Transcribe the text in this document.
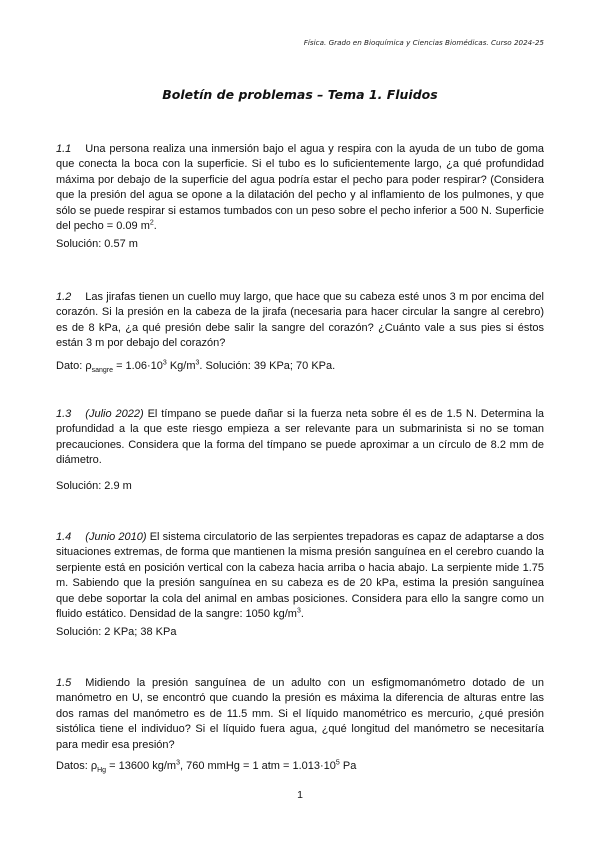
Física. Grado en Bioquímica y Ciencias Biomédicas. Curso 2024-25
Boletín de problemas – Tema 1. Fluidos
1.1 Una persona realiza una inmersión bajo el agua y respira con la ayuda de un tubo de goma que conecta la boca con la superficie. Si el tubo es lo suficientemente largo, ¿a qué profundidad máxima por debajo de la superficie del agua podría estar el pecho para poder respirar? (Considera que la presión del agua se opone a la dilatación del pecho y al inflamiento de los pulmones, y que sólo se puede respirar si estamos tumbados con un peso sobre el pecho inferior a 500 N. Superficie del pecho = 0.09 $m^2$.
Solución: 0.57 m
1.2 Las jirafas tienen un cuello muy largo, que hace que su cabeza esté unos 3 m por encima del corazón. Si la presión en la cabeza de la jirafa (necesaria para hacer circular la sangre al cerebro) es de 8 kPa, ¿a qué presión debe salir la sangre del corazón? ¿Cuánto vale a sus pies si éstos están 3 m por debajo del corazón?
Dato: $\rho_{sangre} = 1.06\cdot 10^3$ $Kg/m^3$. Solución: 39 KPa; 70 KPa.
1.3 (Julio 2022) El tímpano se puede dañar si la fuerza neta sobre él es de 1.5 N. Determina la profundidad a la que este riesgo empieza a ser relevante para un submarinista si no se toman precauciones. Considera que la forma del tímpano se puede aproximar a un círculo de 8.2 mm de diámetro.
Solución: 2.9 m
1.4 (Junio 2010) El sistema circulatorio de las serpientes trepadoras es capaz de adaptarse a dos situaciones extremas, de forma que mantienen la misma presión sanguínea en el cerebro cuando la serpiente está en posición vertical con la cabeza hacia arriba o hacia abajo. La serpiente mide 1.75 m. Sabiendo que la presión sanguínea en su cabeza es de 20 kPa, estima la presión sanguínea que debe soportar la cola del animal en ambas posiciones. Considera para ello la sangre como un fluido estático. Densidad de la sangre: 1050 $kg/m^3$.
Solución: 2 KPa; 38 KPa
1.5 Midiendo la presión sanguínea de un adulto con un esfigmomanómetro dotado de un manómetro en U, se encontró que cuando la presión es máxima la diferencia de alturas entre las dos ramas del manómetro es de 11.5 mm. Si el líquido manométrico es mercurio, ¿qué presión sistólica tiene el individuo? Si el líquido fuera agua, ¿qué longitud del manómetro se necesitaría para medir esa presión?
Datos: $\rho_{Hg} = 13600$ $kg/m^3$, 760 mmHg = 1 atm = $1.013\cdot 10^5$ Pa
1
